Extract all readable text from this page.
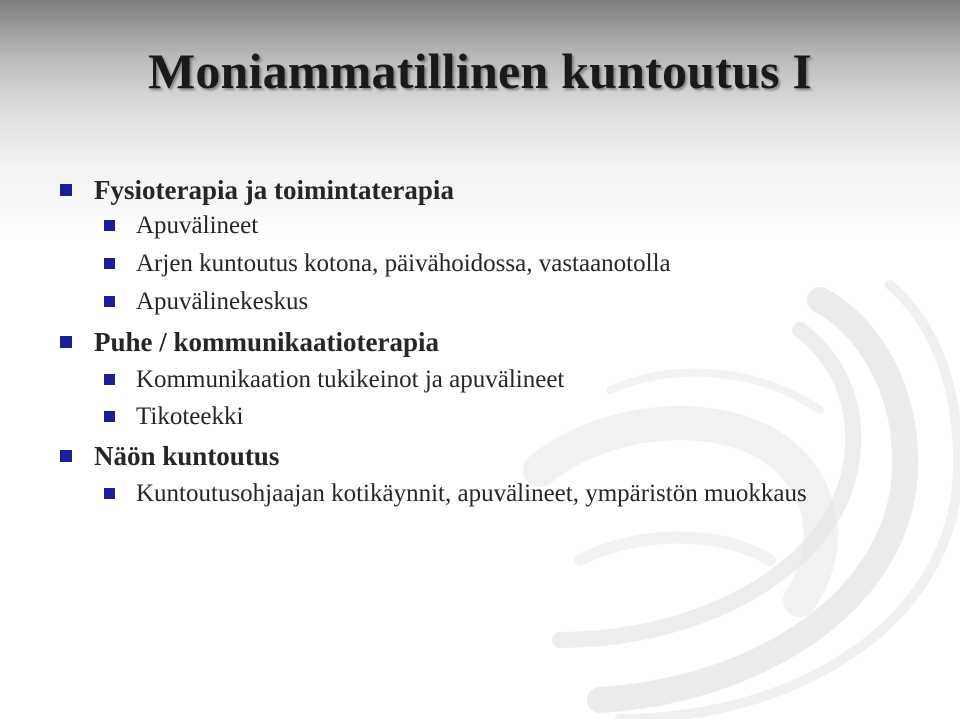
Moniammatillinen kuntoutus I
Fysioterapia ja toimintaterapia
Apuvälineet
Arjen kuntoutus kotona, päivähoidossa, vastaanotolla
Apuvälinekeskus
Puhe / kommunikaatioterapia
Kommunikaation tukikeinot ja apuvälineet
Tikoteekki
Näön kuntoutus
Kuntoutusohjaajan kotikäynnit, apuvälineet, ympäristön muokkaus
